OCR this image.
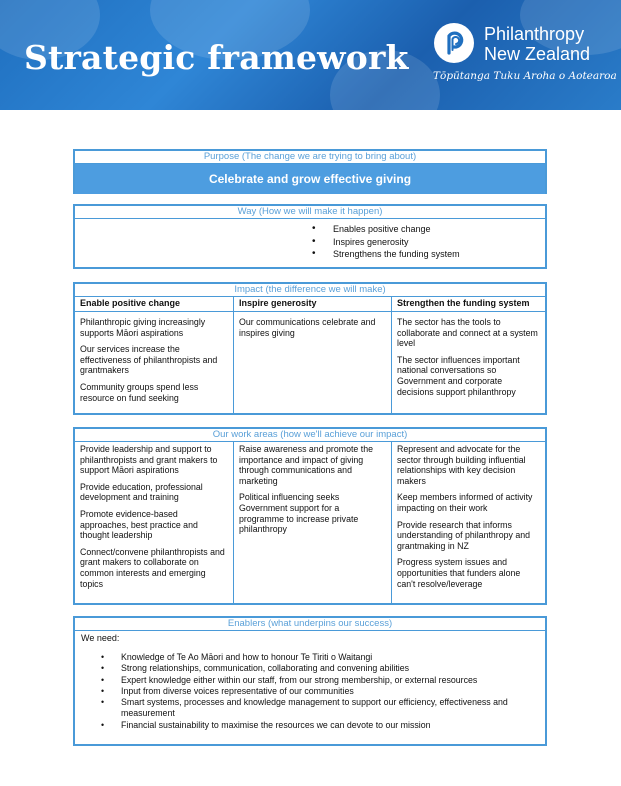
Strategic framework
Philanthropy
New Zealand
Tōpūtanga Tuku Aroha o Aotearoa
Purpose (The change we are trying to bring about)
Celebrate and grow effective giving
Way (How we will make it happen)
• Enables positive change
• Inspires generosity
• Strengthens the funding system
Impact (the difference we will make)
Enable positive change

Philanthropic giving increasingly supports Māori aspirations

Our services increase the effectiveness of philanthropists and grantmakers

Community groups spend less resource on fund seeking

Inspire generosity

Our communications celebrate and inspires giving

Strengthen the funding system

The sector has the tools to collaborate and connect at a system level

The sector influences important national conversations so Government and corporate decisions support philanthropy

Our work areas (how we'll achieve our impact)

Provide leadership and support to philanthropists and grant makers to support Māori aspirations

Provide education, professional development and training

Promote evidence-based approaches, best practice and thought leadership

Connect/convene philanthropists and grant makers to collaborate on common interests and emerging topics

Raise awareness and promote the importance and impact of giving through communications and marketing

Political influencing seeks Government support for a programme to increase private philanthropy

Represent and advocate for the sector through building influential relationships with key decision makers

Keep members informed of activity impacting on their work

Provide research that informs understanding of philanthropy and grantmaking in NZ

Progress system issues and opportunities that funders alone can't resolve/leverage

Enablers (what underpins our success)
We need:
• Knowledge of Te Ao Māori and how to honour Te Tiriti o Waitangi
• Strong relationships, communication, collaborating and convening abilities
• Expert knowledge either within our staff, from our strong membership, or external resources
• Input from diverse voices representative of our communities
• Smart systems, processes and knowledge management to support our efficiency, effectiveness and measurement
• Financial sustainability to maximise the resources we can devote to our mission
